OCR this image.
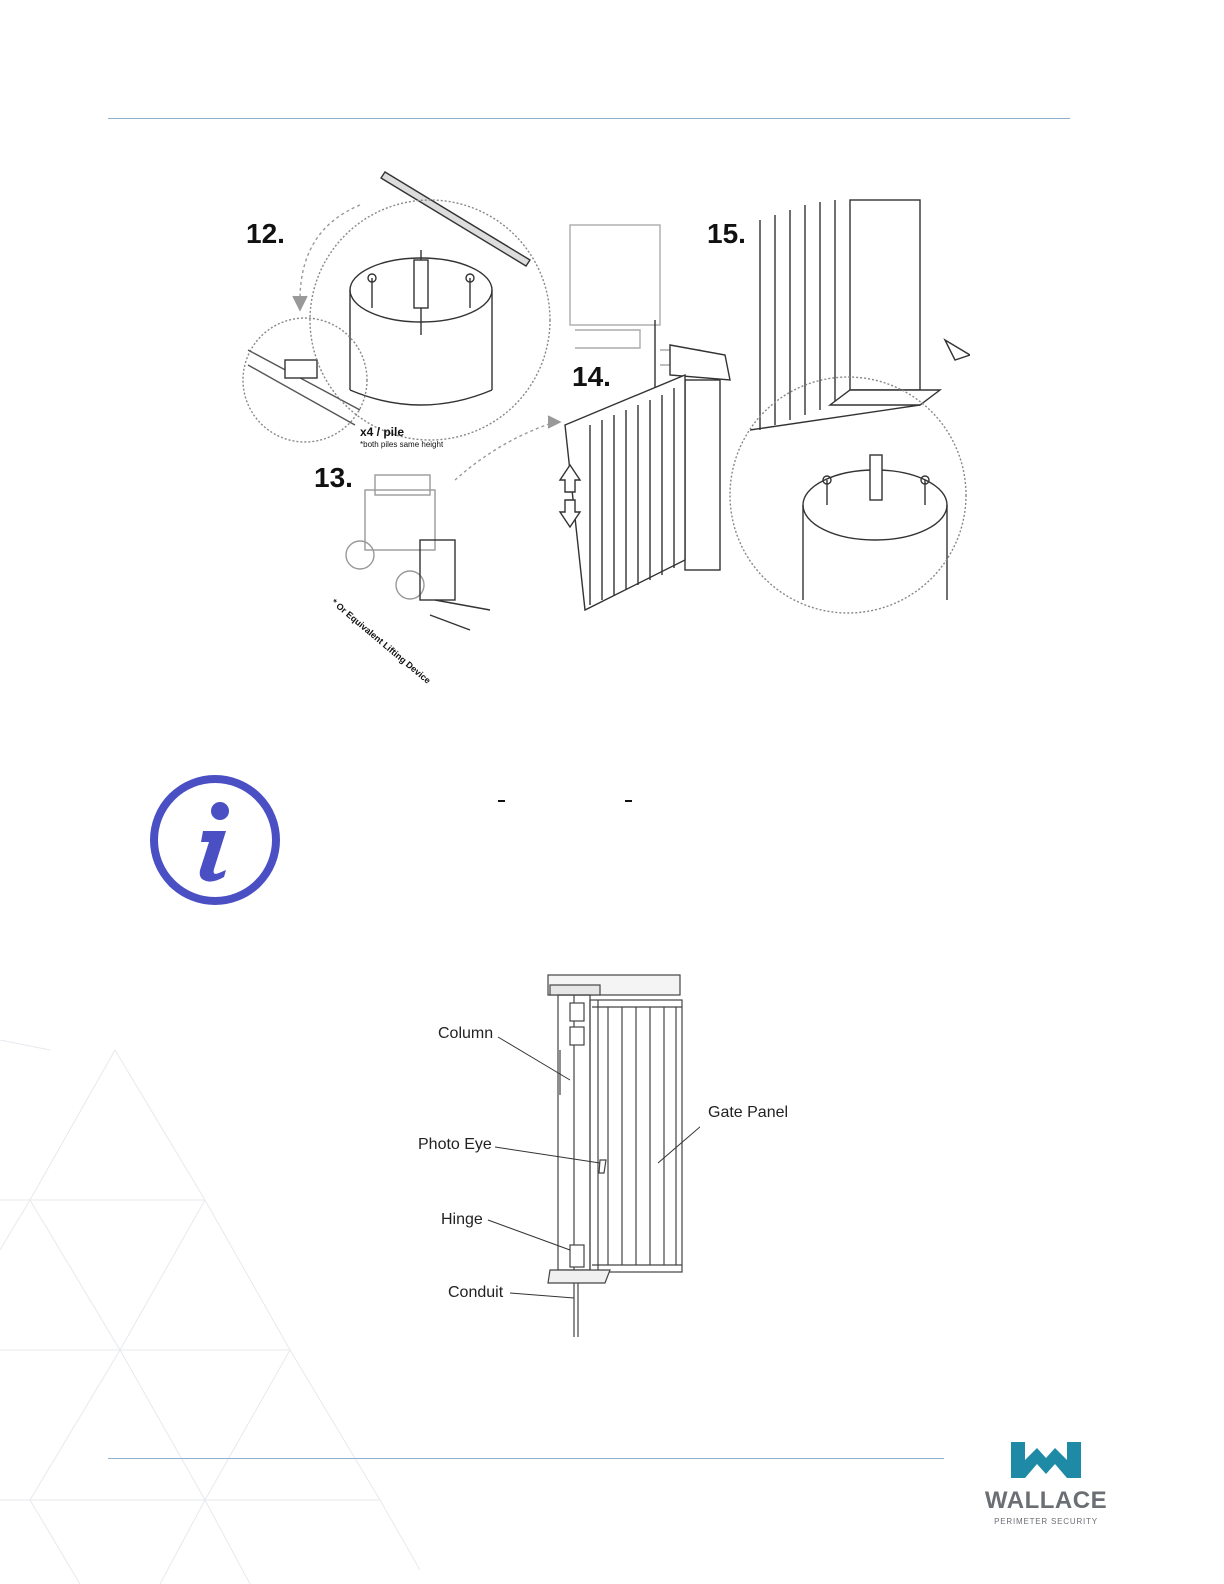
12.
13.
14.
15.
x4 / pile
*both piles same height
* Or Equivalent Lifting Device
Column
Photo Eye
Hinge
Conduit
Gate Panel
WALLACE
PERIMETER SECURITY
